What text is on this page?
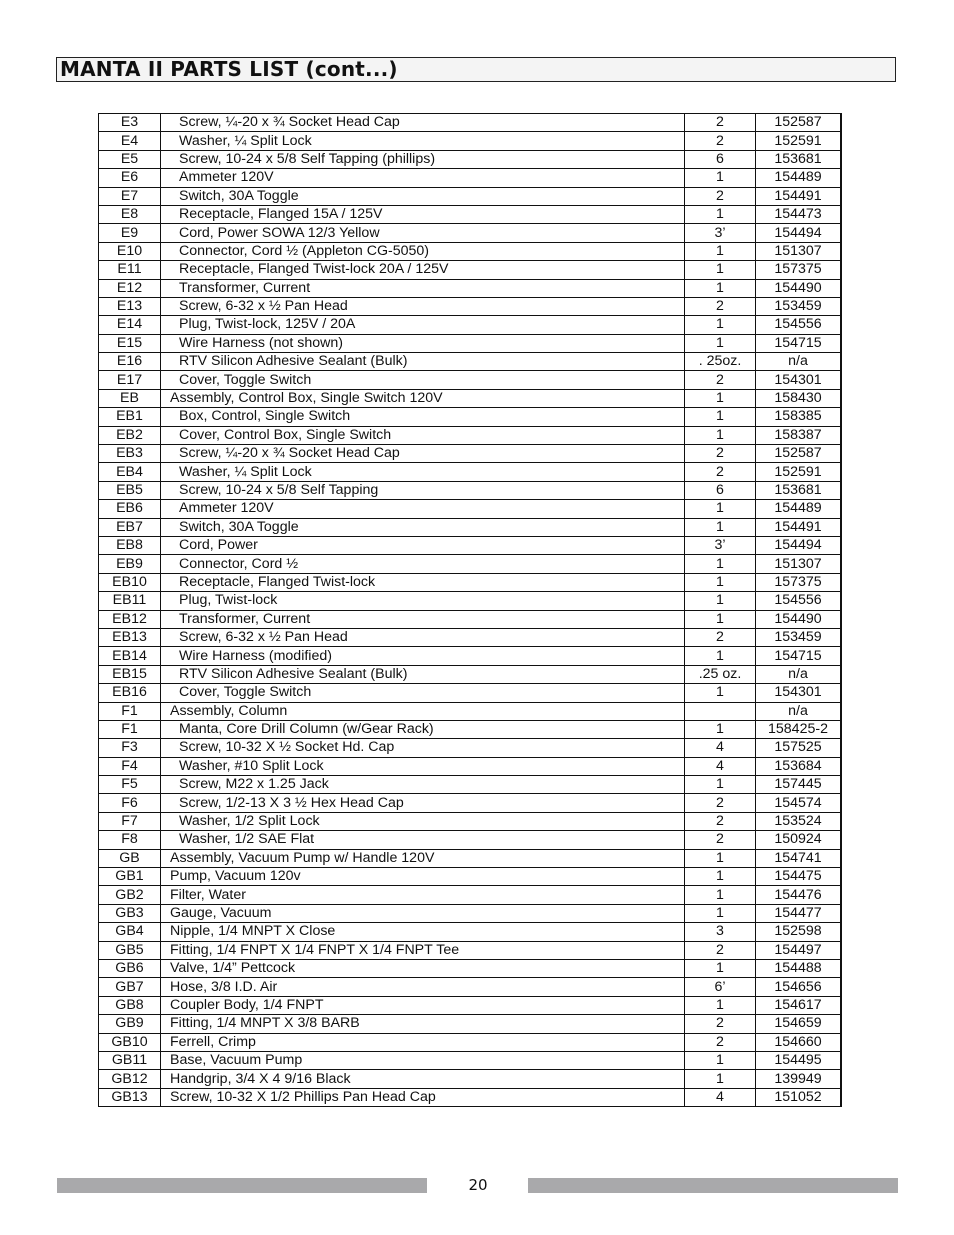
MANTA II PARTS LIST (cont...)
E3	Screw, ¼-20 x ¾ Socket Head Cap	2	152587
E4	Washer, ¼ Split Lock	2	152591
E5	Screw, 10-24 x 5/8 Self Tapping (phillips)	6	153681
E6	Ammeter 120V	1	154489
E7	Switch, 30A Toggle	2	154491
E8	Receptacle, Flanged 15A / 125V	1	154473
E9	Cord, Power SOWA 12/3 Yellow	3’	154494
E10	Connector, Cord ½ (Appleton CG-5050)	1	151307
E11	Receptacle, Flanged Twist-lock 20A / 125V	1	157375
E12	Transformer, Current	1	154490
E13	Screw, 6-32 x ½ Pan Head	2	153459
E14	Plug, Twist-lock, 125V / 20A	1	154556
E15	Wire Harness (not shown)	1	154715
E16	RTV Silicon Adhesive Sealant (Bulk)	. 25oz.	n/a
E17	Cover, Toggle Switch	2	154301
EB	Assembly, Control Box, Single Switch 120V	1	158430
EB1	Box, Control, Single Switch	1	158385
EB2	Cover, Control Box, Single Switch	1	158387
EB3	Screw, ¼-20 x ¾ Socket Head Cap	2	152587
EB4	Washer, ¼ Split Lock	2	152591
EB5	Screw, 10-24 x 5/8 Self Tapping	6	153681
EB6	Ammeter 120V	1	154489
EB7	Switch, 30A Toggle	1	154491
EB8	Cord, Power	3’	154494
EB9	Connector, Cord ½	1	151307
EB10	Receptacle, Flanged Twist-lock	1	157375
EB11	Plug, Twist-lock	1	154556
EB12	Transformer, Current	1	154490
EB13	Screw, 6-32 x ½ Pan Head	2	153459
EB14	Wire Harness (modified)	1	154715
EB15	RTV Silicon Adhesive Sealant (Bulk)	.25 oz.	n/a
EB16	Cover, Toggle Switch	1	154301
F1	Assembly, Column		n/a
F1	Manta, Core Drill Column (w/Gear Rack)	1	158425-2
F3	Screw, 10-32 X ½ Socket Hd. Cap	4	157525
F4	Washer, #10 Split Lock	4	153684
F5	Screw, M22 x 1.25 Jack	1	157445
F6	Screw, 1/2-13 X 3 ½ Hex Head Cap	2	154574
F7	Washer, 1/2 Split Lock	2	153524
F8	Washer, 1/2 SAE Flat	2	150924
GB	Assembly, Vacuum Pump w/ Handle 120V	1	154741
GB1	Pump, Vacuum 120v	1	154475
GB2	Filter, Water	1	154476
GB3	Gauge, Vacuum	1	154477
GB4	Nipple, 1/4 MNPT X Close	3	152598
GB5	Fitting, 1/4 FNPT X 1/4 FNPT X 1/4 FNPT Tee	2	154497
GB6	Valve, 1/4” Pettcock	1	154488
GB7	Hose, 3/8 I.D. Air	6’	154656
GB8	Coupler Body, 1/4 FNPT	1	154617
GB9	Fitting, 1/4 MNPT X 3/8 BARB	2	154659
GB10	Ferrell, Crimp	2	154660
GB11	Base, Vacuum Pump	1	154495
GB12	Handgrip, 3/4 X 4 9/16 Black	1	139949
GB13	Screw, 10-32 X 1/2 Phillips Pan Head Cap	4	151052
20
